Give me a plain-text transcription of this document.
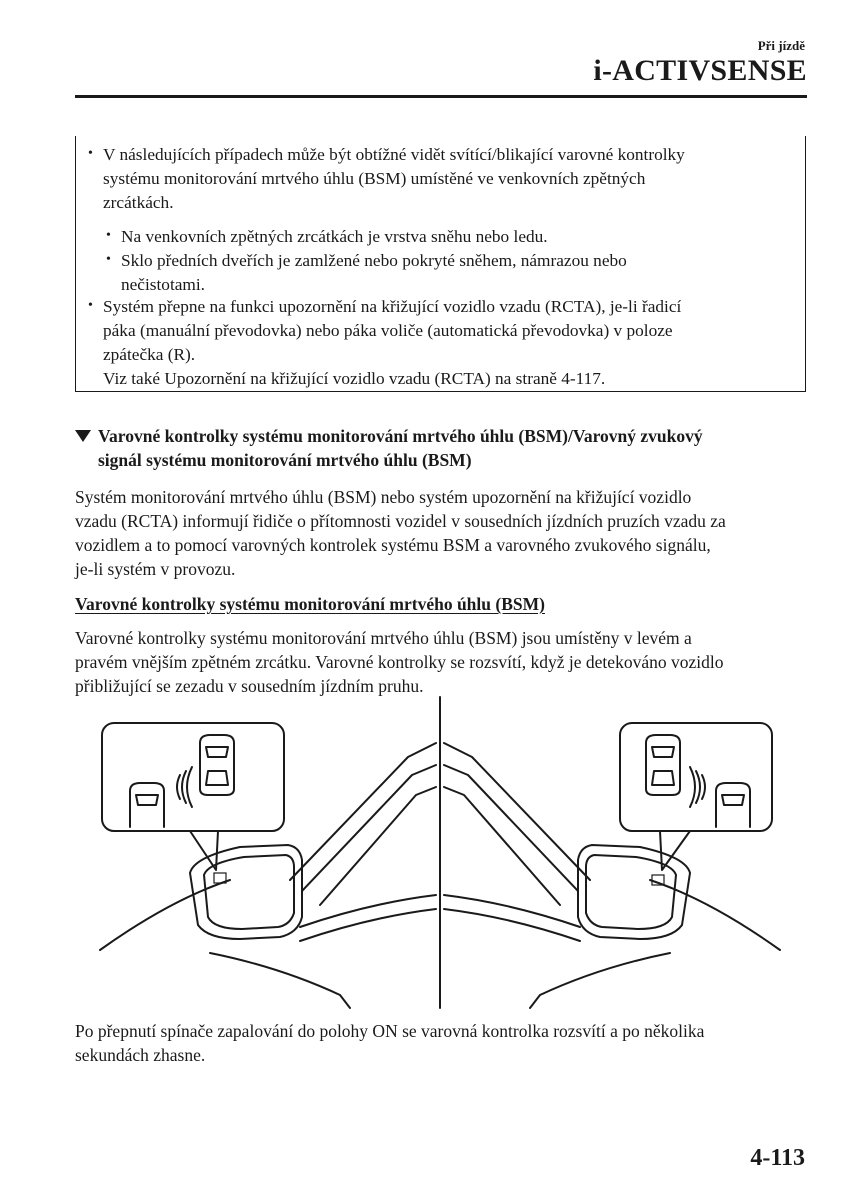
Při jízdě
i-ACTIVSENSE
• V následujících případech může být obtížné vidět svítící/blikající varovné kontrolky
systému monitorování mrtvého úhlu (BSM) umístěné ve venkovních zpětných
zrcátkách.
• Na venkovních zpětných zrcátkách je vrstva sněhu nebo ledu.
• Sklo předních dveřích je zamlžené nebo pokryté sněhem, námrazou nebo
nečistotami.
• Systém přepne na funkci upozornění na křižující vozidlo vzadu (RCTA), je-li řadicí
páka (manuální převodovka) nebo páka voliče (automatická převodovka) v poloze
zpátečka (R).
Viz také Upozornění na křižující vozidlo vzadu (RCTA) na straně 4-117.
Varovné kontrolky systému monitorování mrtvého úhlu (BSM)/Varovný zvukový
signál systému monitorování mrtvého úhlu (BSM)
Systém monitorování mrtvého úhlu (BSM) nebo systém upozornění na křižující vozidlo
vzadu (RCTA) informují řidiče o přítomnosti vozidel v sousedních jízdních pruzích vzadu za
vozidlem a to pomocí varovných kontrolek systému BSM a varovného zvukového signálu,
je-li systém v provozu.
Varovné kontrolky systému monitorování mrtvého úhlu (BSM)
Varovné kontrolky systému monitorování mrtvého úhlu (BSM) jsou umístěny v levém a
pravém vnějším zpětném zrcátku. Varovné kontrolky se rozsvítí, když je detekováno vozidlo
přibližující se zezadu v sousedním jízdním pruhu.
Po přepnutí spínače zapalování do polohy ON se varovná kontrolka rozsvítí a po několika
sekundách zhasne.
4-113
